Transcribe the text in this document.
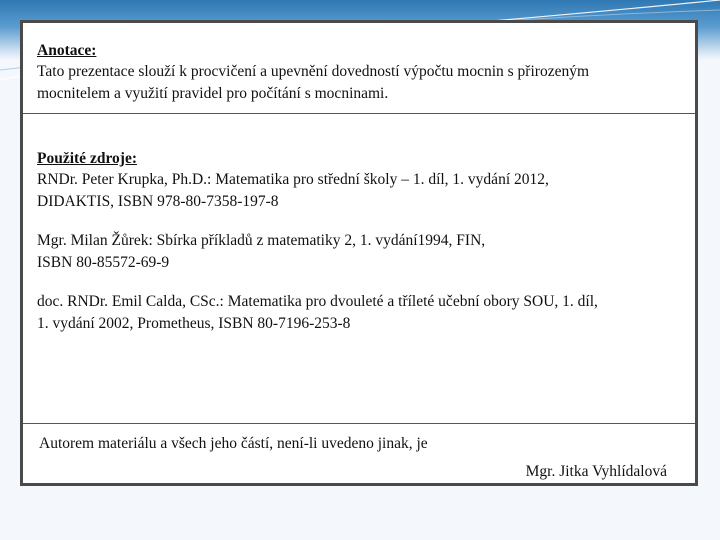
Anotace:
Tato prezentace slouží k procvičení a upevnění dovedností výpočtu mocnin s přirozeným
mocnitelem a využití pravidel pro počítání s mocninami.
Použité zdroje:
RNDr. Peter Krupka, Ph.D.: Matematika pro střední školy – 1. díl, 1. vydání 2012,
DIDAKTIS, ISBN 978-80-7358-197-8
Mgr. Milan Žůrek: Sbírka příkladů z matematiky 2, 1. vydání1994, FIN,
ISBN 80-85572-69-9
doc. RNDr. Emil Calda, CSc.: Matematika pro dvouleté a tříleté učební obory SOU, 1. díl,
1. vydání 2002, Prometheus, ISBN 80-7196-253-8
Autorem materiálu a všech jeho částí, není-li uvedeno jinak, je
Mgr. Jitka Vyhlídalová
